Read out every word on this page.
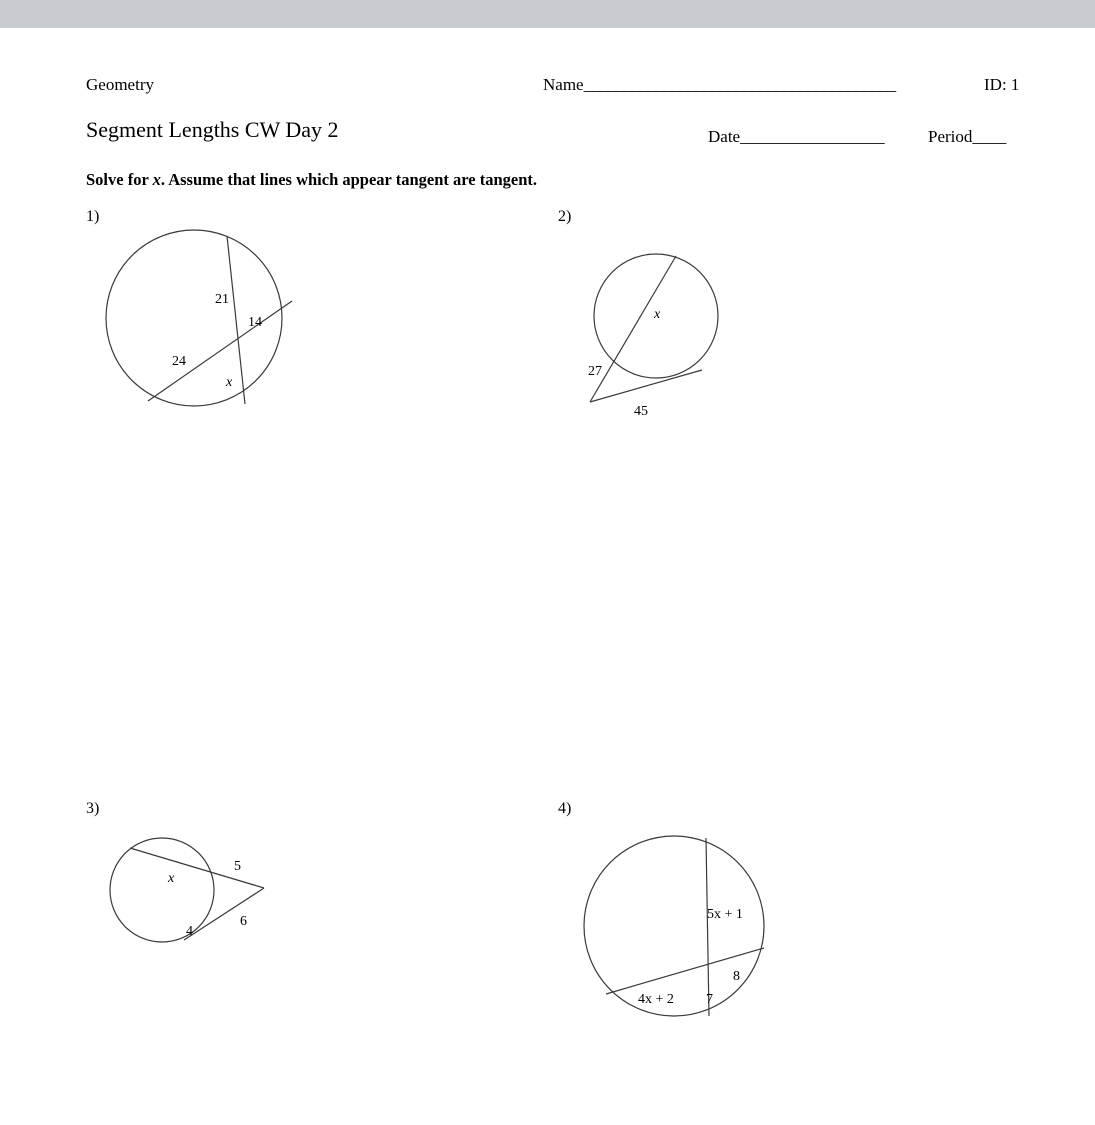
Geometry	Name_______________________________________	ID: 1
Segment Lengths CW Day 2	Date_________________	Period____
Solve for x. Assume that lines which appear tangent are tangent.
1)
21
14
24
x
2)
x
27
45
3)
5
x
6
4
4)
5x + 1
8
4x + 2 7
